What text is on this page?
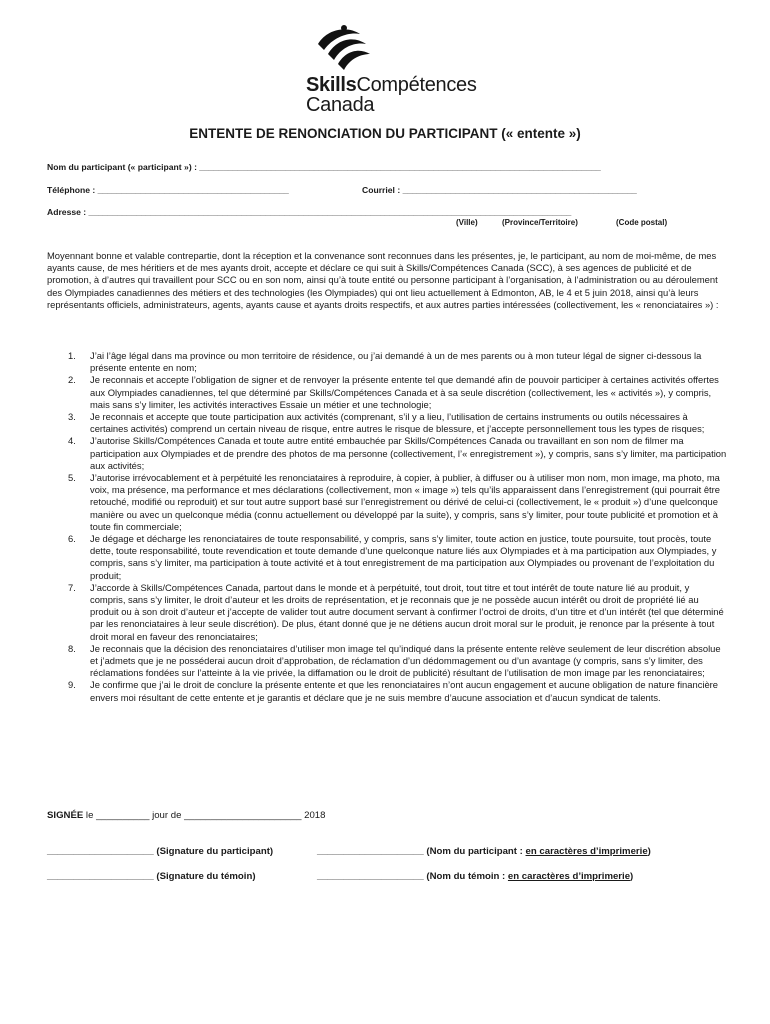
SkillsCompétences
Canada
ENTENTE DE RENONCIATION DU PARTICIPANT (« entente »)
Nom du participant (« participant ») : ____________________________________________________________________________________
Téléphone : ________________________________________	Courriel : _________________________________________________
Adresse : _____________________________________________________________________________________________________
(Ville)	(Province/Territoire)	(Code postal)

Moyennant bonne et valable contrepartie, dont la réception et la convenance sont reconnues dans les présentes, je, le participant, au nom de moi-même, de mes ayants cause, de mes héritiers et de mes ayants droit, accepte et déclare ce qui suit à Skills/Compétences Canada (SCC), à ses agences de publicité et de promotion, à d’autres qui travaillent pour SCC ou en son nom, ainsi qu’à toute entité ou personne participant à l’organisation, à l’administration ou au déroulement des Olympiades canadiennes des métiers et des technologies (les Olympiades) qui ont lieu actuellement à Edmonton, AB, le 4 et 5 juin 2018, ainsi qu’à leurs représentants officiels, administrateurs, agents, ayants cause et ayants droits respectifs, et aux autres parties intéressées (collectivement, les « renonciataires ») :

1. J’ai l’âge légal dans ma province ou mon territoire de résidence, ou j’ai demandé à un de mes parents ou à mon tuteur légal de signer ci-dessous la présente entente en nom;
2. Je reconnais et accepte l’obligation de signer et de renvoyer la présente entente tel que demandé afin de pouvoir participer à certaines activités offertes aux Olympiades canadiennes, tel que déterminé par Skills/Compétences Canada et à sa seule discrétion (collectivement, les « activités »), y compris, mais sans s’y limiter, les activités interactives Essaie un métier et une technologie;
3. Je reconnais et accepte que toute participation aux activités (comprenant, s’il y a lieu, l’utilisation de certains instruments ou outils nécessaires à certaines activités) comprend un certain niveau de risque, entre autres le risque de blessure, et j’accepte personnellement tous les types de risques;
4. J’autorise Skills/Compétences Canada et toute autre entité embauchée par Skills/Compétences Canada ou travaillant en son nom de filmer ma participation aux Olympiades et de prendre des photos de ma personne (collectivement, l’« enregistrement »), y compris, sans s’y limiter, ma participation aux activités;
5. J’autorise irrévocablement et à perpétuité les renonciataires à reproduire, à copier, à publier, à diffuser ou à utiliser mon nom, mon image, ma photo, ma voix, ma présence, ma performance et mes déclarations (collectivement, mon « image ») tels qu’ils apparaissent dans l’enregistrement (qui pourrait être retouché, modifié ou reproduit) et sur tout autre support basé sur l’enregistrement ou dérivé de celui-ci (collectivement, le « produit ») d’une quelconque manière ou avec un quelconque média (connu actuellement ou développé par la suite), y compris, sans s’y limiter, pour toute publicité et promotion et à toute fin commerciale;
6. Je dégage et décharge les renonciataires de toute responsabilité, y compris, sans s’y limiter, toute action en justice, toute poursuite, tout procès, toute dette, toute responsabilité, toute revendication et toute demande d’une quelconque nature liés aux Olympiades et à ma participation aux Olympiades, y compris, sans s’y limiter, ma participation à toute activité et à tout enregistrement de ma participation aux Olympiades ou provenant de l’exploitation du produit;
7. J’accorde à Skills/Compétences Canada, partout dans le monde et à perpétuité, tout droit, tout titre et tout intérêt de toute nature lié au produit, y compris, sans s’y limiter, le droit d’auteur et les droits de représentation, et je reconnais que je ne possède aucun intérêt ou droit de propriété lié au produit ou à son droit d’auteur et j’accepte de valider tout autre document servant à confirmer l’octroi de droits, d’un titre et d’un intérêt (tel que déterminé par les renonciataires à leur seule discrétion). De plus, étant donné que je ne détiens aucun droit moral sur le produit, je renonce par la présente à tout droit moral en faveur des renonciataires;
8. Je reconnais que la décision des renonciataires d’utiliser mon image tel qu’indiqué dans la présente entente relève seulement de leur discrétion absolue et j’admets que je ne posséderai aucun droit d’approbation, de réclamation d’un dédommagement ou d’un avantage (y compris, sans s’y limiter, des réclamations fondées sur l’atteinte à la vie privée, la diffamation ou le droit de publicité) résultant de l’utilisation de mon image par les renonciataires;
9. Je confirme que j’ai le droit de conclure la présente entente et que les renonciataires n’ont aucun engagement et aucune obligation de nature financière envers moi résultant de cette entente et je garantis et déclare que je ne suis membre d’aucune association et d’aucun syndicat de talents.
SIGNÉE le __________ jour de ______________________ 2018
____________________ (Signature du participant)	____________________ (Nom du participant : en caractères d’imprimerie)
____________________ (Signature du témoin)	____________________ (Nom du témoin : en caractères d’imprimerie)
